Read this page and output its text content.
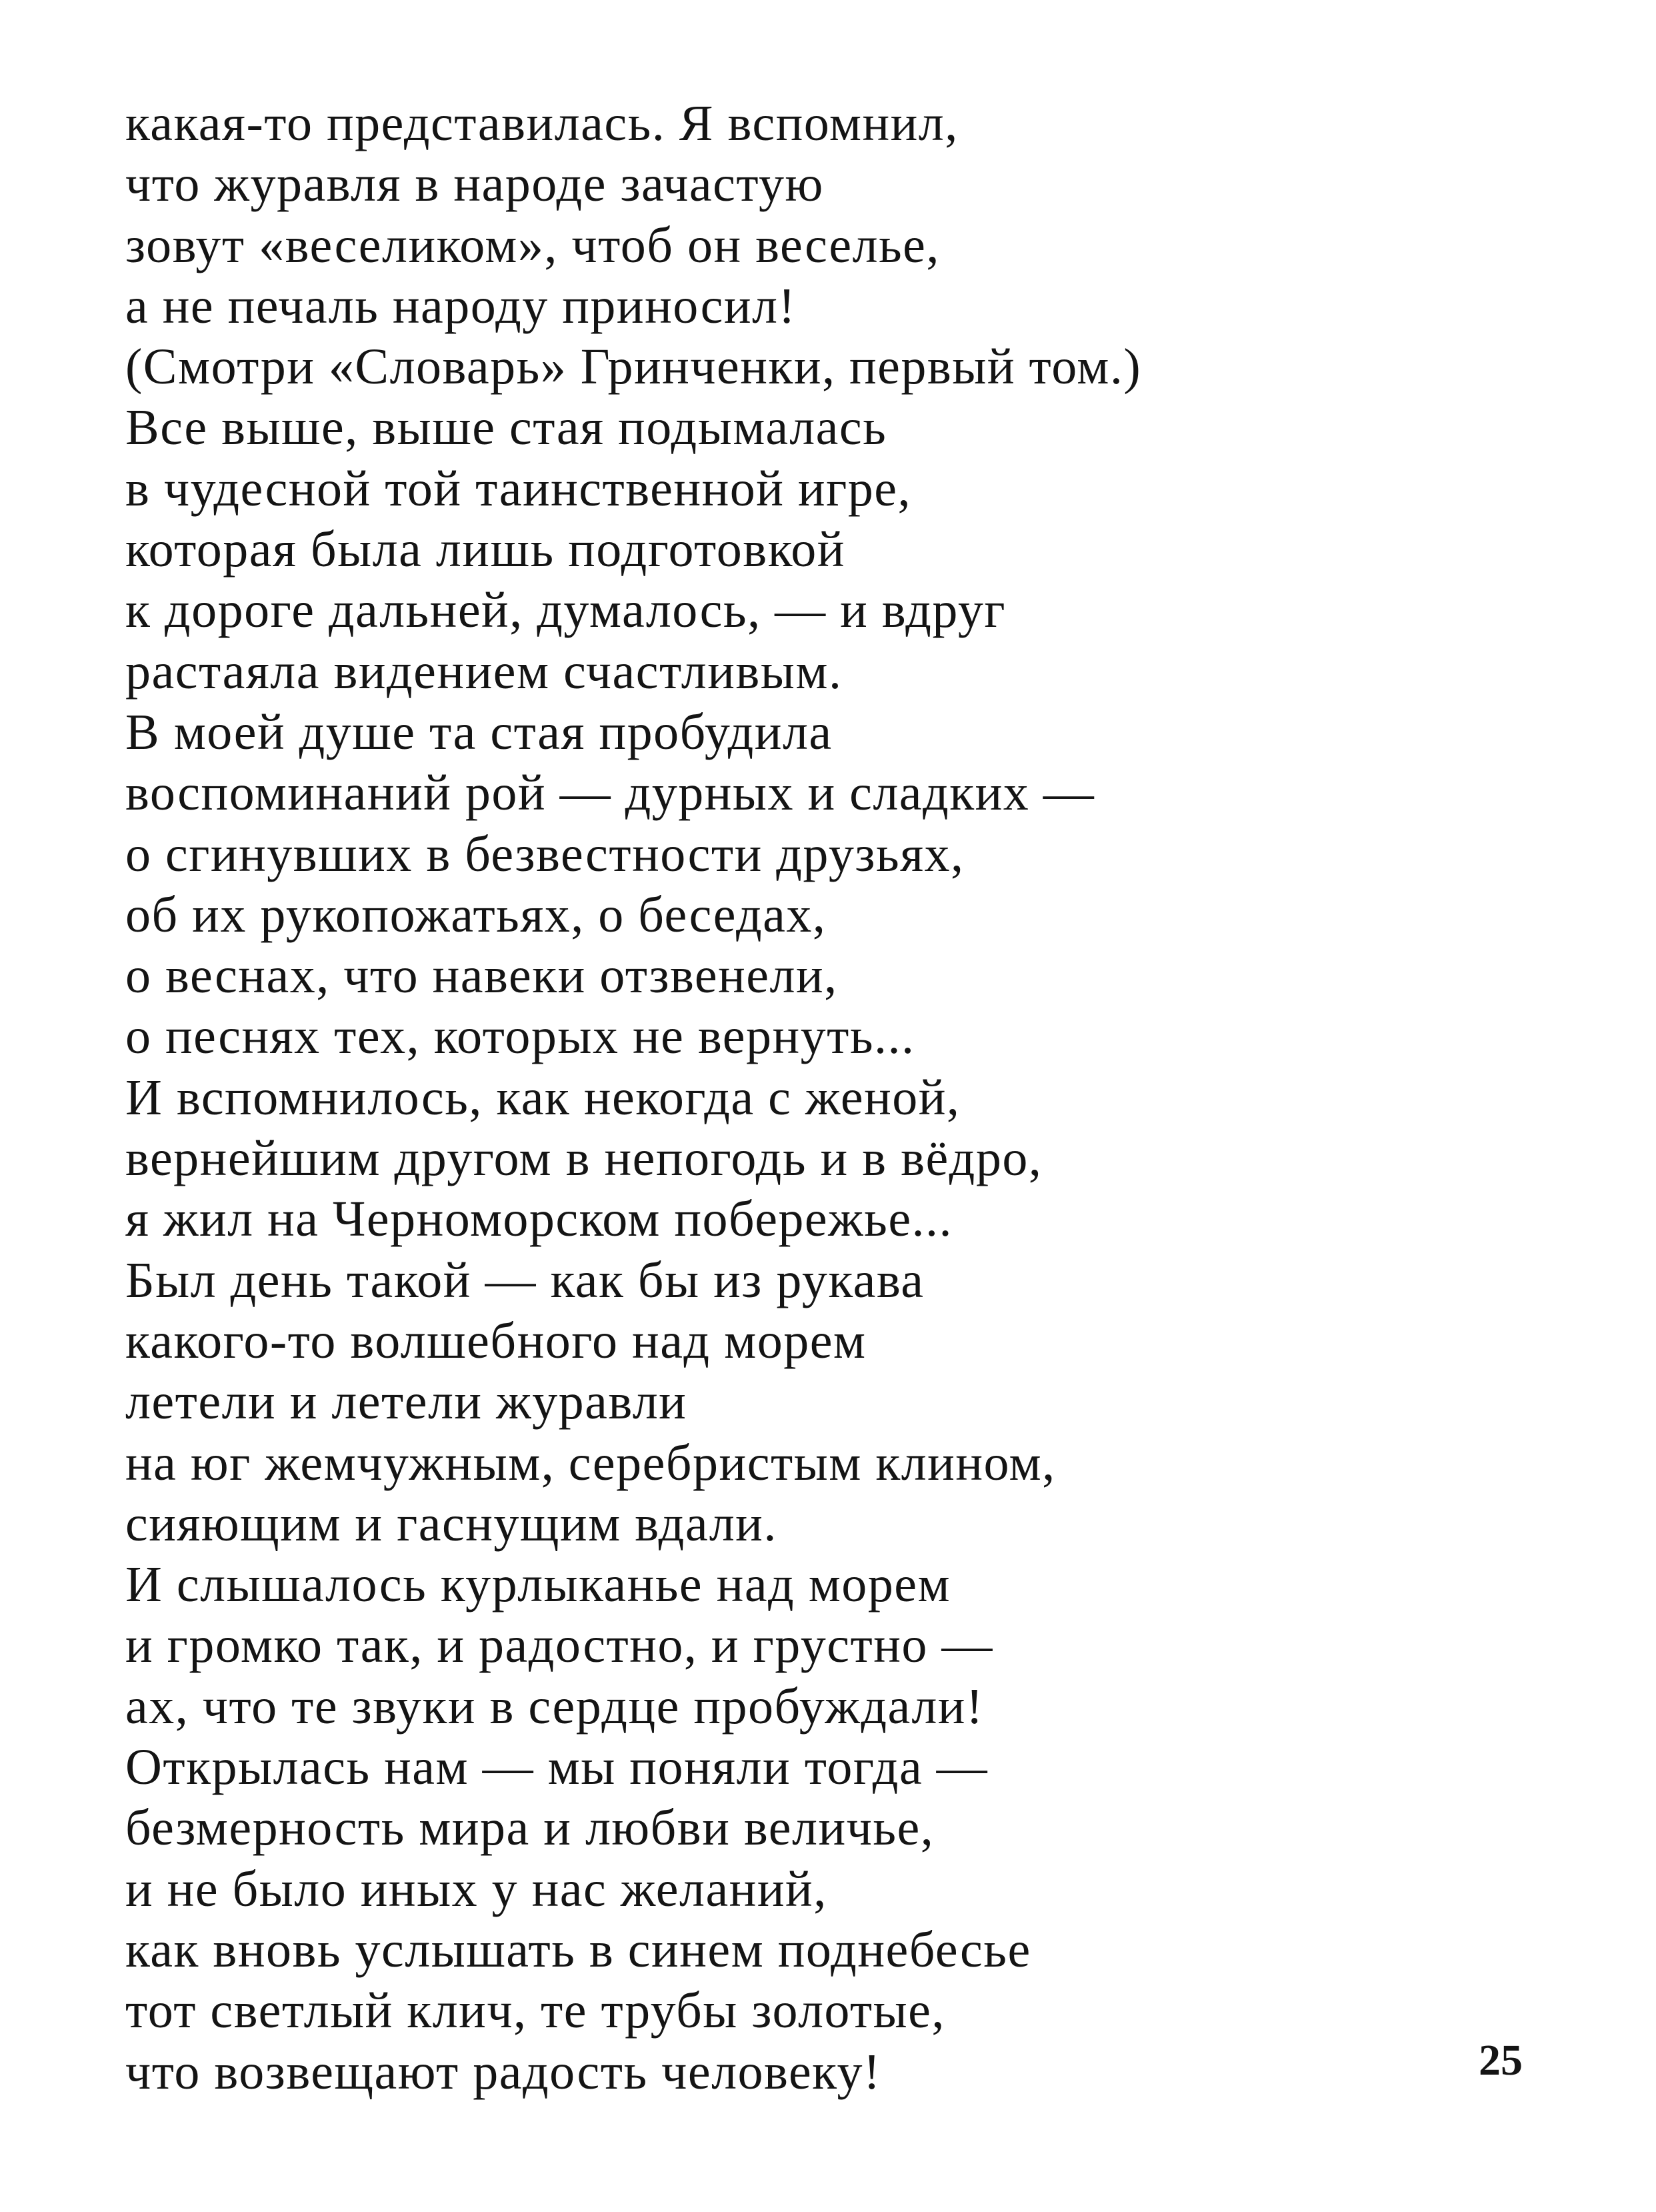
какая-то представилась. Я вспомнил,
что журавля в народе зачастую
зовут «веселиком», чтоб он веселье,
а не печаль народу приносил!
(Смотри «Словарь» Гринченки, первый том.)
Все выше, выше стая подымалась
в чудесной той таинственной игре,
которая была лишь подготовкой
к дороге дальней, думалось, — и вдруг
растаяла видением счастливым.
В моей душе та стая пробудила
воспоминаний рой — дурных и сладких —
о сгинувших в безвестности друзьях,
об их рукопожатьях, о беседах,
о веснах, что навеки отзвенели,
о песнях тех, которых не вернуть...
И вспомнилось, как некогда с женой,
вернейшим другом в непогодь и в вёдро,
я жил на Черноморском побережье...
Был день такой — как бы из рукава
какого-то волшебного над морем
летели и летели журавли
на юг жемчужным, серебристым клином,
сияющим и гаснущим вдали.
И слышалось курлыканье над морем
и громко так, и радостно, и грустно —
ах, что те звуки в сердце пробуждали!
Открылась нам — мы поняли тогда —
безмерность мира и любви величье,
и не было иных у нас желаний,
как вновь услышать в синем поднебесье
тот светлый клич, те трубы золотые,
что возвещают радость человеку!	25
